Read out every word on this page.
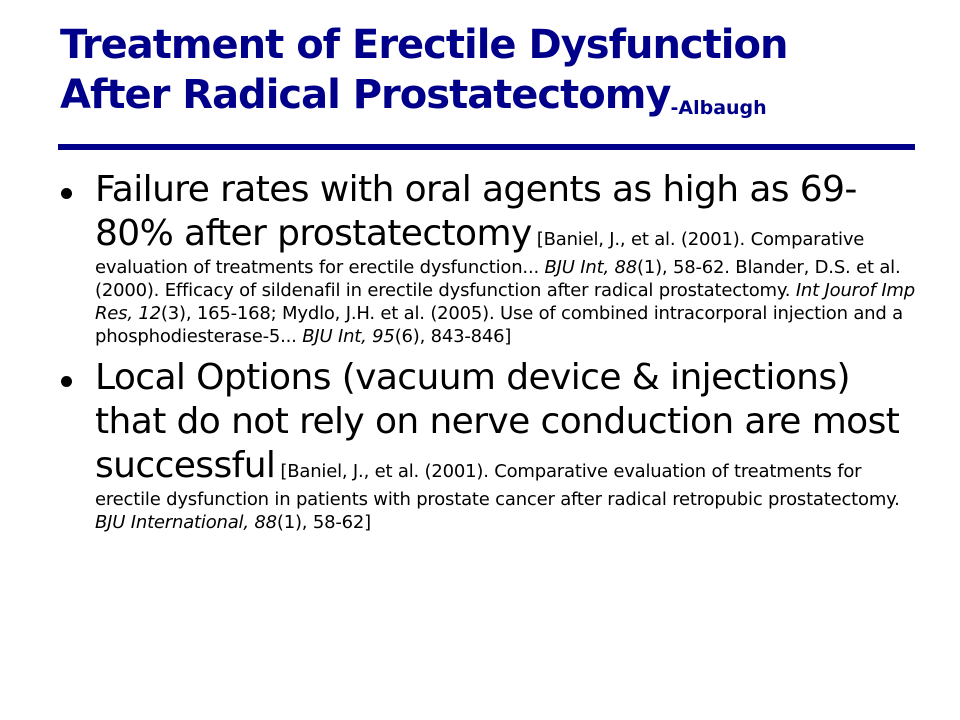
Treatment of Erectile Dysfunction
After Radical Prostatectomy-Albaugh
Failure rates with oral agents as high as 69-80% after prostatectomy [Baniel, J., et al. (2001). Comparative evaluation of treatments for erectile dysfunction... BJU Int, 88(1), 58-62. Blander, D.S. et al. (2000). Efficacy of sildenafil in erectile dysfunction after radical prostatectomy. Int Jourof Imp Res, 12(3), 165-168; Mydlo, J.H. et al. (2005). Use of combined intracorporal injection and a phosphodiesterase-5... BJU Int, 95(6), 843-846]
Local Options (vacuum device & injections) that do not rely on nerve conduction are most successful [Baniel, J., et al. (2001). Comparative evaluation of treatments for erectile dysfunction in patients with prostate cancer after radical retropubic prostatectomy. BJU International, 88(1), 58-62]
